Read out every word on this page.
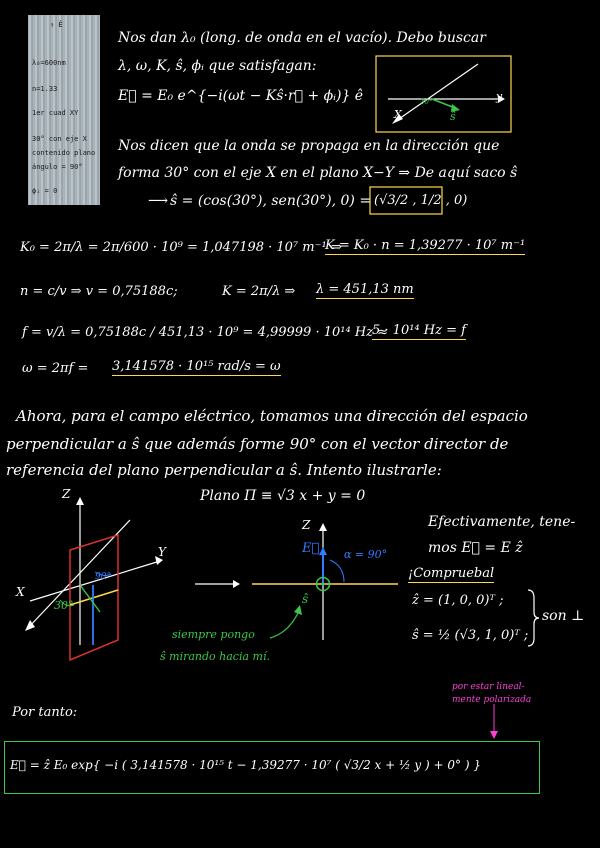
↑ Ê
λ₀=600nm
n=1.33
1er cuad XY
30° con eje X
contenido plano
ángulo = 90°
ϕᵢ = 0
Nos dan λ₀ (long. de onda en el vacío). Debo buscar
λ, ω, K, ŝ, ϕᵢ que satisfagan:
E⃗ = E₀ e^{−i(ωt − Kŝ·r⃗ + ϕᵢ)} ê
X
y
30°
ŝ
Nos dicen que la onda se propaga en la dirección que
forma 30° con el eje X en el plano X−Y ⇒ De aquí saco ŝ
⟶ ŝ = (cos(30°), sen(30°), 0) = (√3/2 , 1/2 , 0)
K₀ = 2π/λ = 2π/600 · 10⁹ = 1,047198 · 10⁷ m⁻¹ ⇒
K = K₀ · n = 1,39277 · 10⁷ m⁻¹
n = c/v ⇒ v = 0,75188c;	K = 2π/λ ⇒ λ = 451,13 nm
f = v/λ = 0,75188c / 451,13 · 10⁹ = 4,99999 · 10¹⁴ Hz ≈
5 · 10¹⁴ Hz = f
ω = 2πf = 3,141578 · 10¹⁵ rad/s = ω
Ahora, para el campo eléctrico, tomamos una dirección del espacio
perpendicular a ŝ que además forme 90° con el vector director de
referencia del plano perpendicular a ŝ. Intento ilustrarle:
Plano Π ≡ √3 x + y = 0
Z
X
Y
30°
90°
Z
E⃗ α = 90°
ŝ
siempre pongo
ŝ mirando hacia mí.
Efectivamente, tene-
mos E⃗ = E ẑ
¡Compruebal
ẑ = (1, 0, 0)ᵀ ;
ŝ = ½ (√3, 1, 0)ᵀ ;
son ⊥
Por tanto:
por estar lineal-
mente polarizada
E⃗ = ẑ E₀ exp{ −i ( 3,141578 · 10¹⁵ t − 1,39277 · 10⁷ ( √3/2 x + ½ y ) + 0° ) }
